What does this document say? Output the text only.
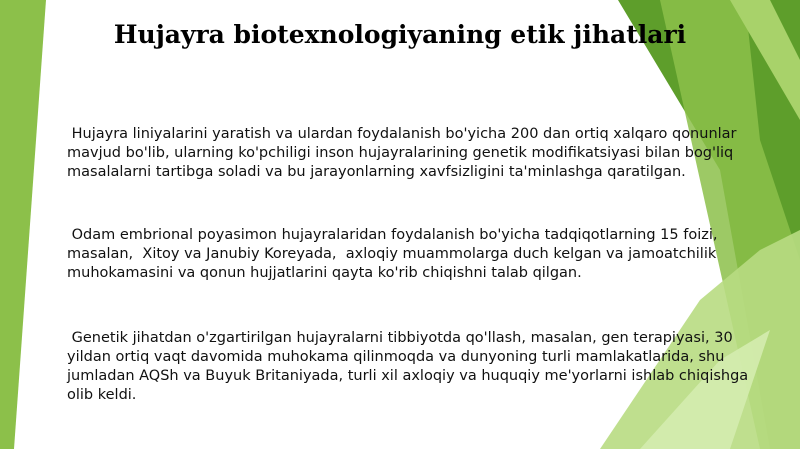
Hujayra biotexnologiyaning etik jihatlari

Hujayra liniyalarini yaratish va ulardan foydalanish bo'yicha 200 dan ortiq xalqaro qonunlar mavjud bo'lib, ularning ko'pchiligi inson hujayralarining genetik modifikatsiyasi bilan bog'liq masalalarni tartibga soladi va bu jarayonlarning xavfsizligini ta'minlashga qaratilgan.

Odam embrional poyasimon hujayralaridan foydalanish bo'yicha tadqiqotlarning 15 foizi, masalan,  Xitoy va Janubiy Koreyada,  axloqiy muammolarga duch kelgan va jamoatchilik muhokamasini va qonun hujjatlarini qayta ko'rib chiqishni talab qilgan.

Genetik jihatdan o'zgartirilgan hujayralarni tibbiyotda qo'llash, masalan, gen terapiyasi, 30 yildan ortiq vaqt davomida muhokama qilinmoqda va dunyoning turli mamlakatlarida, shu jumladan AQSh va Buyuk Britaniyada, turli xil axloqiy va huquqiy me'yorlarni ishlab chiqishga olib keldi.
